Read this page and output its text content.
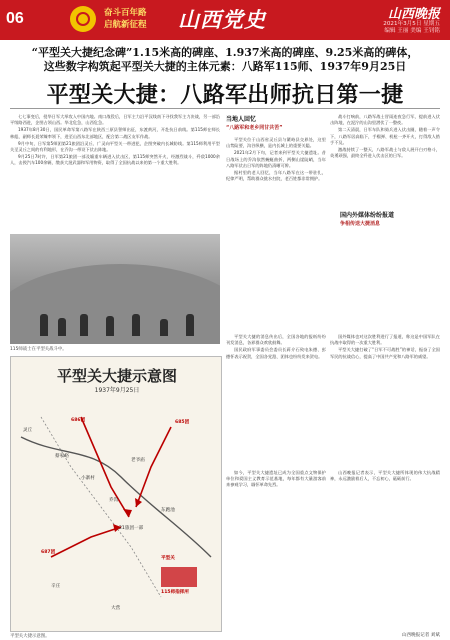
06	奋斗百年路
启航新征程	山西党史	山西晚报
2021年3月5日 星期五
编辑 王丽 美编 王钊铭
“平型关大捷纪念碑”1.15米高的碑座、1.937米高的碑座、9.25米高的碑体，
这些数字构筑起平型关大捷的主体元素：八路军115师、1937年9月25日
平型关大捷：八路军出师抗日第一捷

七七事变后，侵华日军大举攻入中国内地。南口战役后，日军主力沿平汉线南下寻找我军主力决战，另一部沿平绥路西进，企图占领山西。华北危急，山西危急。

1937年8月30日，国民革命军第八路军在陕西三原县誓师出征，东渡黄河，开赴抗日前线。第115师在师长林彪、副师长聂荣臻率领下，进至山西东北部地区，配合第二战区友军作战。

9月中旬，日军第5师团第21旅团沿灵丘、广灵向平型关一带进犯，企图突破内长城防线。第115师利用平型关至灵丘之间的有利地形，在乔沟一带设下伏击阵地。

9月25日7时许，日军第21旅团一部及辎重车辆进入伏击区，第115师突然开火，经激烈战斗，歼敌1000余人，击毁汽车100余辆，缴获大批武器和军用物资，取得了全国抗战以来的第一个重大胜利。

115师战士在平型关战斗中。
平型关大捷示意图
1937年9月25日
灵丘
蔡家峪
小寨村
老爷庙
乔沟
东跑池
平型关
辛庄
大营
686团	685团
687团
21旅团一部
115师指挥所
平型关大捷示意图。
当地人回忆
“八路军和老乡同甘共苦”

平型关位于山西省灵丘县与繁峙县交界处，这里山势险要，沟谷纵横，是内长城上的重要关隘。

2021年2月下旬，记者来到平型关大捷遗址。昔日战场上的乔沟依然蜿蜒曲折，两侧山崖陡峭，当年八路军伏击日军的阵地仍清晰可辨。

据村里的老人回忆，当年八路军在这一带驻扎，纪律严明，帮助群众挑水扫院，老百姓都非常拥护。

战斗打响前，八路军战士冒雨连夜急行军，提前进入伏击阵地，在泥泞的山沟里潜伏了一整夜。

第二天清晨，日军车队和骑兵进入伏击圈，随着一声令下，八路军居高临下，手榴弹、机枪一齐开火，打得敌人措手不及。

激战持续了一整天，八路军战士与敌人展开白刃格斗，英勇顽强，最终全歼进入伏击区的日军。

国内外媒体纷纷报道
争相传送大捷消息

平型关大捷的消息传出后，全国各地的报纸纷纷刊发消息，各界群众欢欣鼓舞。

国民政府军事委员会委员长蒋介石致电朱德、彭德怀表示祝贺，全国各党派、团体也纷纷发来贺电。

国外媒体也对这次胜利进行了报道，称这是中国军队在抗战中取得的一次重大胜利。

平型关大捷打破了“日军不可战胜”的神话，振奋了全国军民的抗战信心，提高了中国共产党和八路军的威望。

如今，平型关大捷遗址已成为全国重点文物保护单位和爱国主义教育示范基地，每年都有大量游客前来参观学习，缅怀革命先烈。

山西晚报记者表示，平型关大捷所体现的伟大抗战精神，永远激励着后人，不忘初心，砥砺前行。

山西晚报记者 刘斌
